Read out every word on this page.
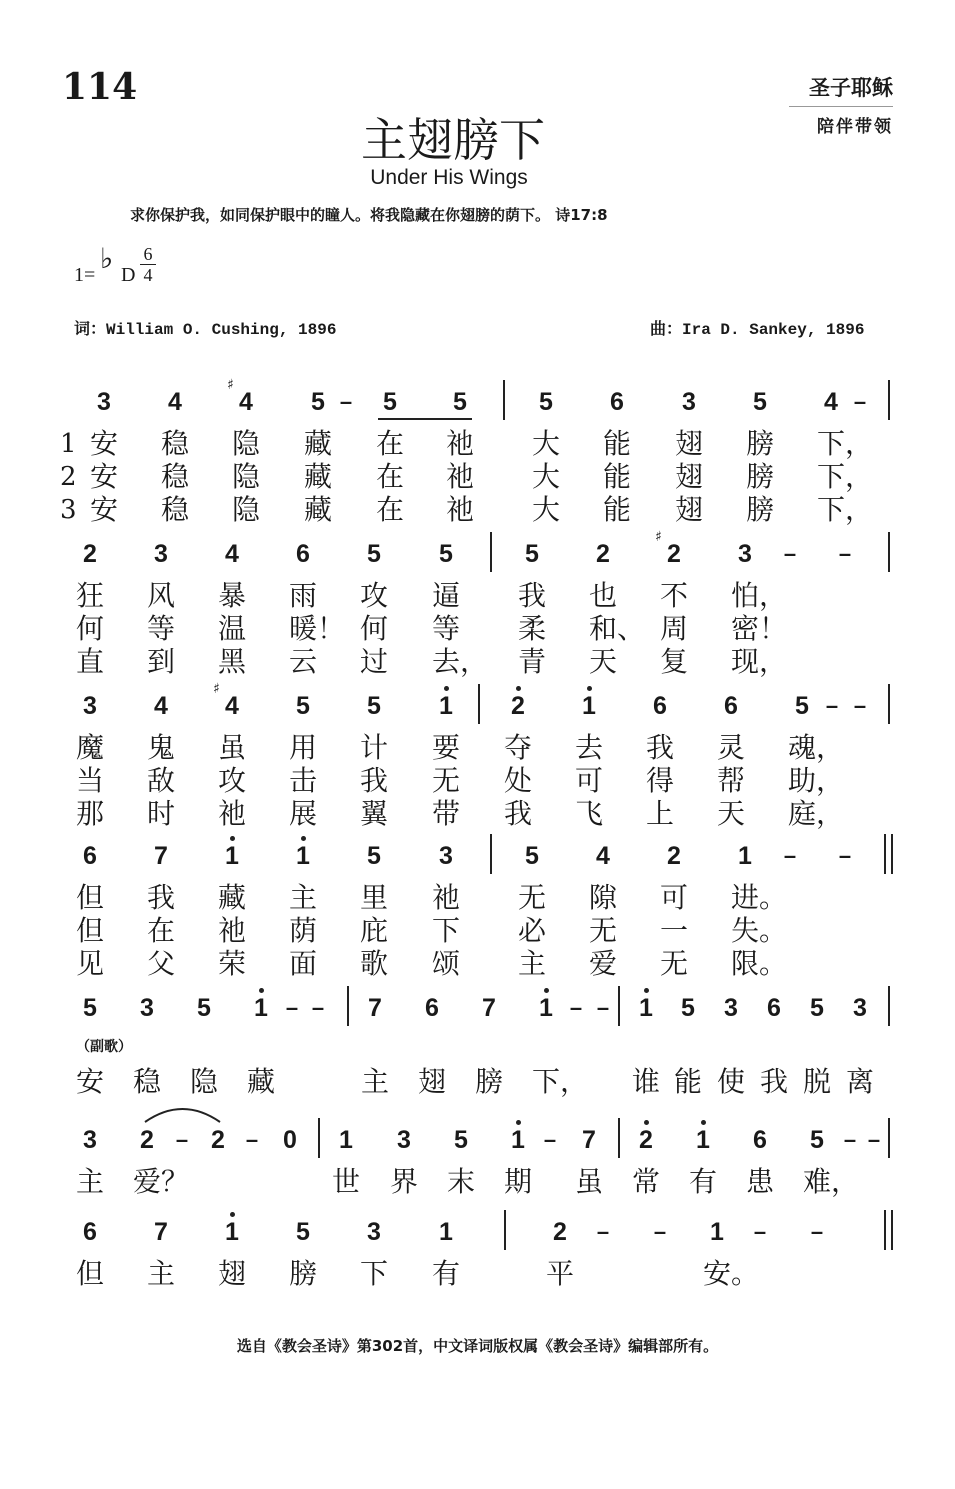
114	圣子耶稣
陪伴带领
主翅膀下
Under His Wings
求你保护我，如同保护眼中的瞳人。将我隐藏在你翅膀的荫下。 诗17:8
1= ♭ D
6
4
词：William O. Cushing, 1896	曲：Ira D. Sankey, 1896
（副歌）
3	4	4
♯
5 –	5	5	5	6	3	5	4 –
1 安 稳 隐 藏 在 祂 大 能 翅 膀 下，
2 安 稳 隐 藏 在 祂 大 能 翅 膀 下，
3 安 稳 隐 藏 在 祂 大 能 翅 膀 下，
2	3	4	6	5	5	5	2	2
♯
3	– –
狂 风 暴 雨 攻 逼 我 也 不 怕，
何 等 温 暖！ 何 等 柔 和、 周 密！
直 到 黑 云 过 去， 青 天 复 现，
3	4	4
♯
5	5	1	2	1	6	6	5 – –
魔 鬼 虽 用 计 要 夺 去 我 灵 魂，
当 敌 攻 击 我 无 处 可 得 帮 助，
那 时 祂 展 翼 带 我 飞 上 天 庭，
6	7	1	1	5	3	5	4	2	1	– –
但 我 藏 主 里 祂 无 隙 可 进。
但 在 祂 荫 庇 下 必 无 一 失。
见 父 荣 面 歌 颂 主 爱 无 限。
5	3	5	1 – –	7	6	7	1 – –	1	5	3	6	5	3
安 稳 隐 藏	主 翅 膀 下， 谁 能 使 我 脱 离
3	2 – 2 – 0	1	3	5	1 –	7	2	1	6	5 – –
主 爱？	世 界 末 期 虽 常 有 患 难，
6	7	1	5	3	1	2	– –	1	– –
但 主 翅 膀 下 有	平	安。
选自《教会圣诗》第302首，中文译词版权属《教会圣诗》编辑部所有。
